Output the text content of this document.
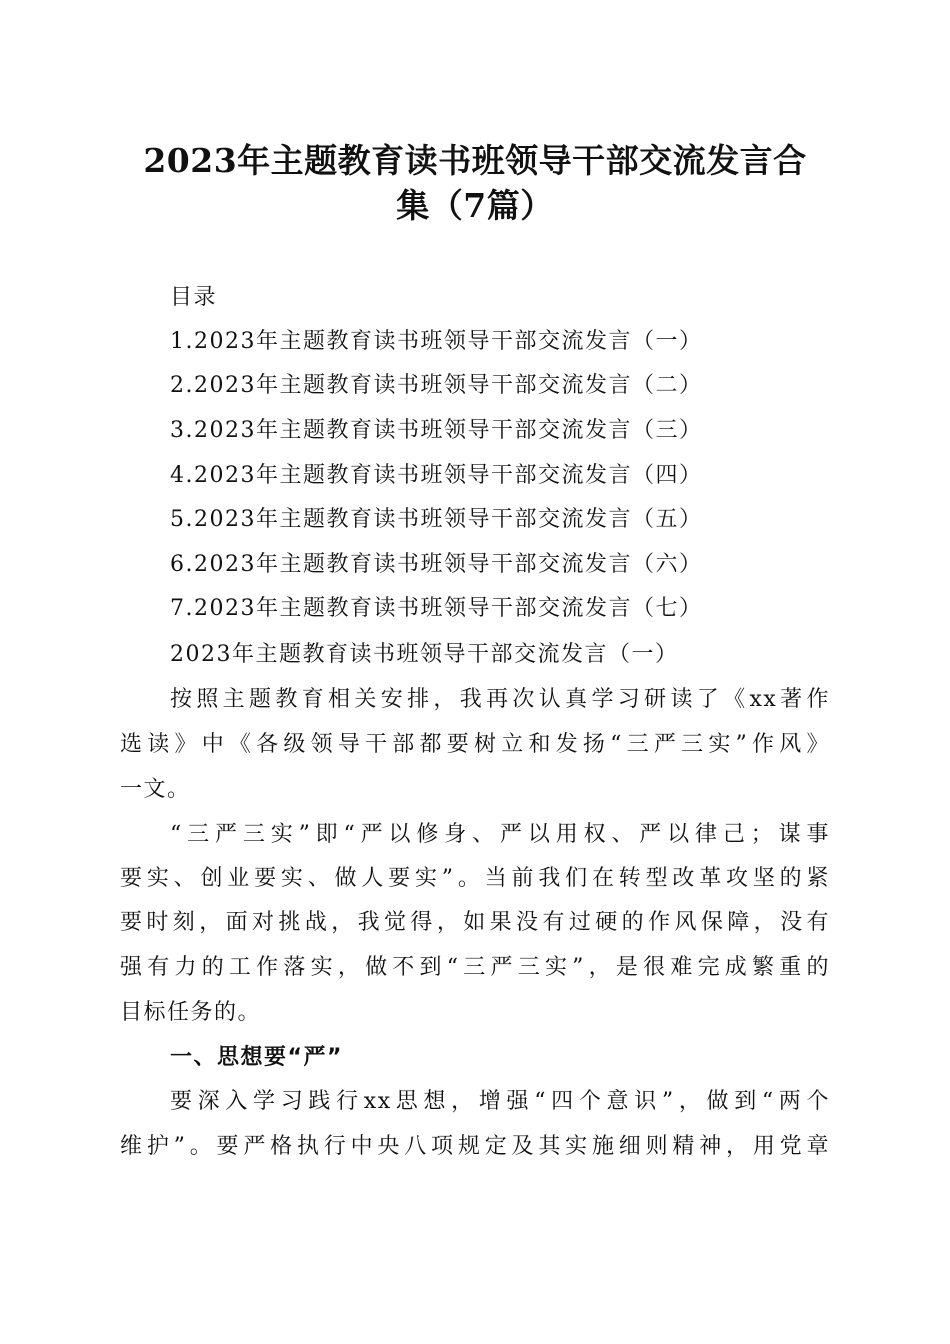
2023年主题教育读书班领导干部交流发言合
集（7篇）
目录
1.2023年主题教育读书班领导干部交流发言（一）
2.2023年主题教育读书班领导干部交流发言（二）
3.2023年主题教育读书班领导干部交流发言（三）
4.2023年主题教育读书班领导干部交流发言（四）
5.2023年主题教育读书班领导干部交流发言（五）
6.2023年主题教育读书班领导干部交流发言（六）
7.2023年主题教育读书班领导干部交流发言（七）
2023年主题教育读书班领导干部交流发言（一）
按照主题教育相关安排，我再次认真学习研读了《xx著作
选读》中《各级领导干部都要树立和发扬“三严三实”作风》
一文。
“三严三实”即“严以修身、严以用权、严以律己；谋事
要实、创业要实、做人要实”。当前我们在转型改革攻坚的紧
要时刻，面对挑战，我觉得，如果没有过硬的作风保障，没有
强有力的工作落实，做不到“三严三实”，是很难完成繁重的
目标任务的。
一、思想要“严”
要深入学习践行xx思想，增强“四个意识”，做到“两个
维护”。要严格执行中央八项规定及其实施细则精神，用党章
